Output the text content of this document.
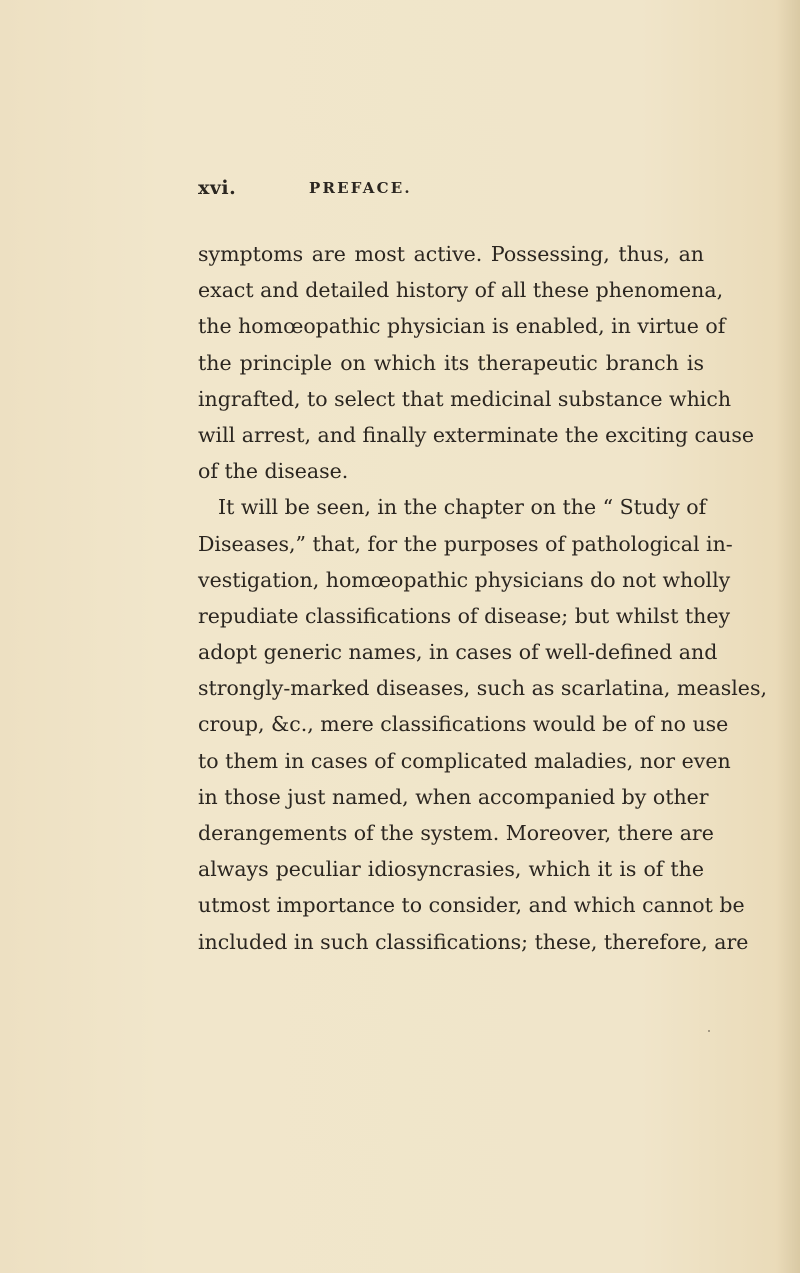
xvi.	PREFACE.
symptoms are most active. Possessing, thus, an
exact and detailed history of all these phenomena,
the homœopathic physician is enabled, in virtue of
the principle on which its therapeutic branch is
ingrafted, to select that medicinal substance which
will arrest, and finally exterminate the exciting cause
of the disease.
It will be seen, in the chapter on the “ Study of
Diseases,” that, for the purposes of pathological in-
vestigation, homœopathic physicians do not wholly
repudiate classifications of disease; but whilst they
adopt generic names, in cases of well-defined and
strongly-marked diseases, such as scarlatina, measles,
croup, &c., mere classifications would be of no use
to them in cases of complicated maladies, nor even
in those just named, when accompanied by other
derangements of the system. Moreover, there are
always peculiar idiosyncrasies, which it is of the
utmost importance to consider, and which cannot be
included in such classifications; these, therefore, are
